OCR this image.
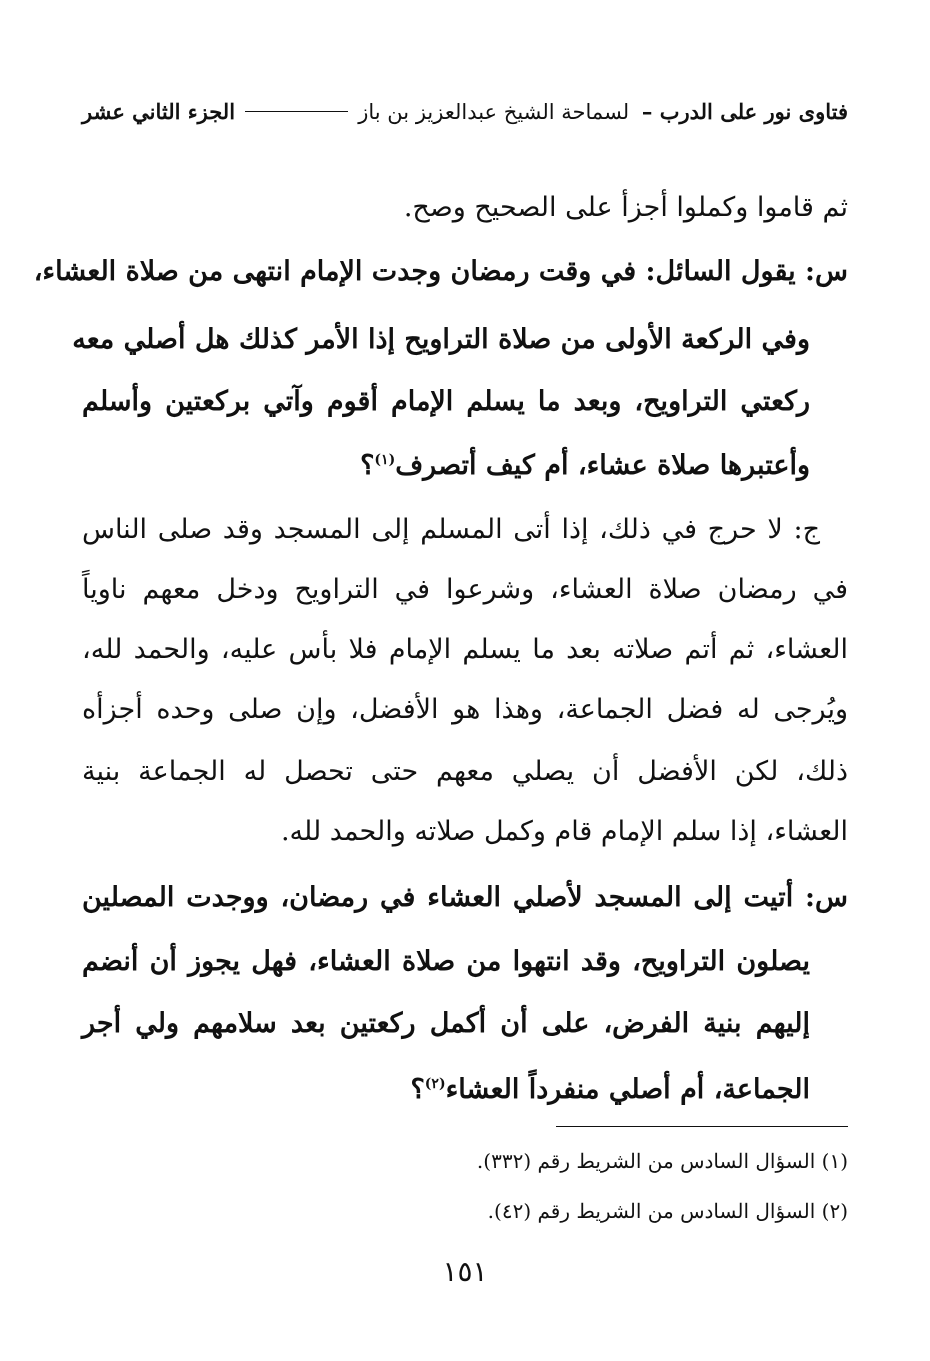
فتاوى نور على الدرب – لسماحة الشيخ عبدالعزيز بن باز
الجزء الثاني عشر
ثم قاموا وكملوا أجزأ على الصحيح وصح.
س: يقول السائل: في وقت رمضان وجدت الإمام انتهى من صلاة العشاء،
وفي الركعة الأولى من صلاة التراويح إذا الأمر كذلك هل أصلي معه
ركعتي التراويح، وبعد ما يسلم الإمام أقوم وآتي بركعتين وأسلم
وأعتبرها صلاة عشاء، أم كيف أتصرف$^{(١)}$؟
ج: لا حرج في ذلك، إذا أتى المسلم إلى المسجد وقد صلى الناس
في رمضان صلاة العشاء، وشرعوا في التراويح ودخل معهم ناوياً
العشاء، ثم أتم صلاته بعد ما يسلم الإمام فلا بأس عليه، والحمد لله،
ويُرجى له فضل الجماعة، وهذا هو الأفضل، وإن صلى وحده أجزأه
ذلك، لكن الأفضل أن يصلي معهم حتى تحصل له الجماعة بنية
العشاء، إذا سلم الإمام قام وكمل صلاته والحمد لله.
س: أتيت إلى المسجد لأصلي العشاء في رمضان، ووجدت المصلين
يصلون التراويح، وقد انتهوا من صلاة العشاء، فهل يجوز أن أنضم
إليهم بنية الفرض، على أن أكمل ركعتين بعد سلامهم ولي أجر
الجماعة، أم أصلي منفرداً العشاء$^{(٢)}$؟
(١) السؤال السادس من الشريط رقم (٣٣٢).
(٢) السؤال السادس من الشريط رقم (٤٢).
١٥١
